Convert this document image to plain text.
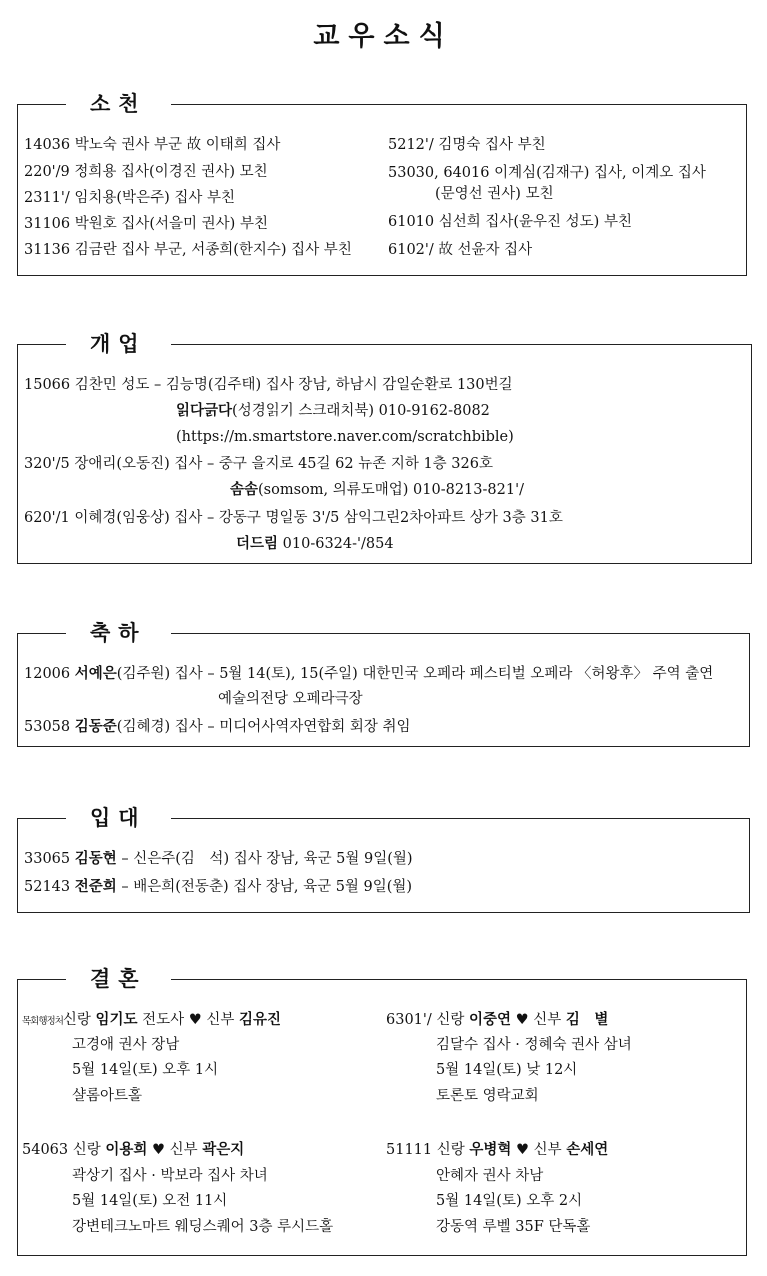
교우소식
소천
14036 박노숙 권사 부군 故 이태희 집사
220'/9 정희용 집사(이경진 권사) 모친
2311'/ 임치용(박은주) 집사 부친
31106 박원호 집사(서을미 권사) 부친
31136 김금란 집사 부군, 서종희(한지수) 집사 부친
5212'/ 김명숙 집사 부친
53030, 64016 이계심(김재구) 집사, 이계오 집사
(문영선 권사) 모친
61010 심선희 집사(윤우진 성도) 부친
6102'/ 故 선윤자 집사
개업
15066 김찬민 성도 – 김능명(김주태) 집사 장남, 하남시 감일순환로 130번길
읽다긁다(성경읽기 스크래치북) 010-9162-8082
(https://m.smartstore.naver.com/scratchbible)
320'/5 장애리(오동진) 집사 – 중구 을지로 45길 62 뉴존 지하 1층 326호
솜솜(somsom, 의류도매업) 010-8213-821'/
620'/1 이혜경(임웅상) 집사 – 강동구 명일동 3'/5 삼익그린2차아파트 상가 3층 31호
더드림 010-6324-'/854
축하
12006 서예은(김주원) 집사 – 5월 14(토), 15(주일) 대한민국 오페라 페스티벌 오페라 〈허왕후〉 주역 출연
예술의전당 오페라극장
53058 김동준(김혜경) 집사 – 미디어사역자연합회 회장 취임
입대
33065 김동현 – 신은주(김　석) 집사 장남, 육군 5월 9일(월)
52143 전준희 – 배은희(전동춘) 집사 장남, 육군 5월 9일(월)
결혼
목회행정처신랑 임기도 전도사 ♥ 신부 김유진
고경애 권사 장남
5월 14일(토) 오후 1시
샬롬아트홀
6301'/ 신랑 이중연 ♥ 신부 김　별
김달수 집사 · 정혜숙 권사 삼녀
5월 14일(토) 낮 12시
토론토 영락교회
54063 신랑 이용희 ♥ 신부 곽은지
곽상기 집사 · 박보라 집사 차녀
5월 14일(토) 오전 11시
강변테크노마트 웨딩스퀘어 3층 루시드홀
51111 신랑 우병혁 ♥ 신부 손세연
안혜자 권사 차남
5월 14일(토) 오후 2시
강동역 루벨 35F 단독홀
